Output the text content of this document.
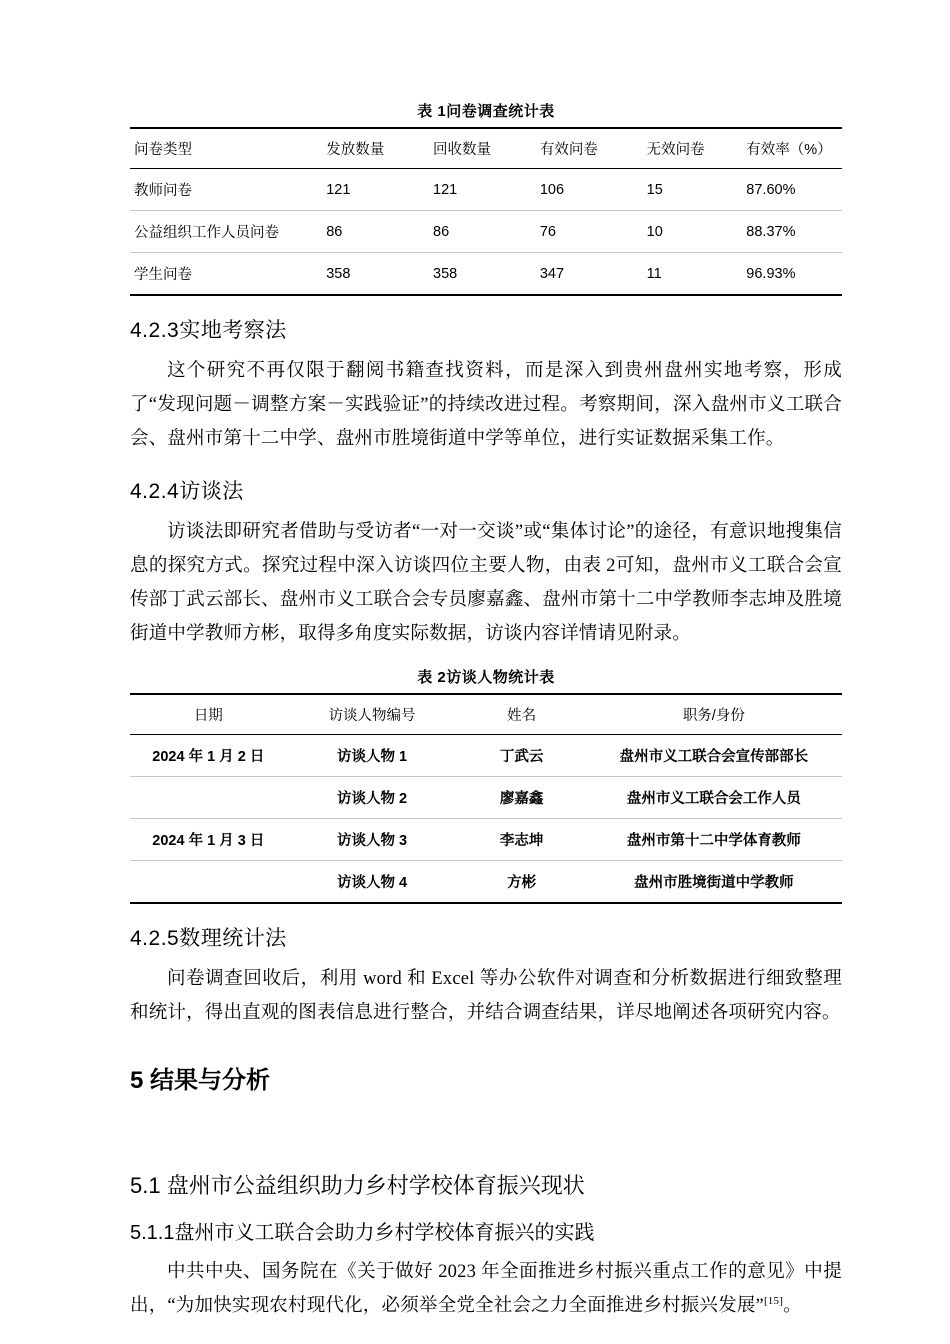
表 1问卷调查统计表
问卷类型	发放数量	回收数量	有效问卷	无效问卷	有效率（%）
教师问卷	121	121	106	15	87.60%
公益组织工作人员问卷	86	86	76	10	88.37%
学生问卷	358	358	347	11	96.93%
4.2.3实地考察法

这个研究不再仅限于翻阅书籍查找资料，而是深入到贵州盘州实地考察，形成了“发现问题－调整方案－实践验证”的持续改进过程。考察期间，深入盘州市义工联合会、盘州市第十二中学、盘州市胜境街道中学等单位，进行实证数据采集工作。

4.2.4访谈法

访谈法即研究者借助与受访者“一对一交谈”或“集体讨论”的途径，有意识地搜集信息的探究方式。探究过程中深入访谈四位主要人物，由表 2可知，盘州市义工联合会宣传部丁武云部长、盘州市义工联合会专员廖嘉鑫、盘州市第十二中学教师李志坤及胜境街道中学教师方彬，取得多角度实际数据，访谈内容详情请见附录。

表 2访谈人物统计表
日期	访谈人物编号	姓名	职务/身份
2024 年 1 月 2 日	访谈人物 1	丁武云	盘州市义工联合会宣传部部长
	访谈人物 2	廖嘉鑫	盘州市义工联合会工作人员
2024 年 1 月 3 日	访谈人物 3	李志坤	盘州市第十二中学体育教师
	访谈人物 4	方彬	盘州市胜境街道中学教师
4.2.5数理统计法

问卷调查回收后，利用 word 和 Excel 等办公软件对调查和分析数据进行细致整理和统计，得出直观的图表信息进行整合，并结合调查结果，详尽地阐述各项研究内容。

5 结果与分析
5.1 盘州市公益组织助力乡村学校体育振兴现状
5.1.1盘州市义工联合会助力乡村学校体育振兴的实践

中共中央、国务院在《关于做好 2023 年全面推进乡村振兴重点工作的意见》中提出，“为加快实现农村现代化，必须举全党全社会之力全面推进乡村振兴发展”[15]。
